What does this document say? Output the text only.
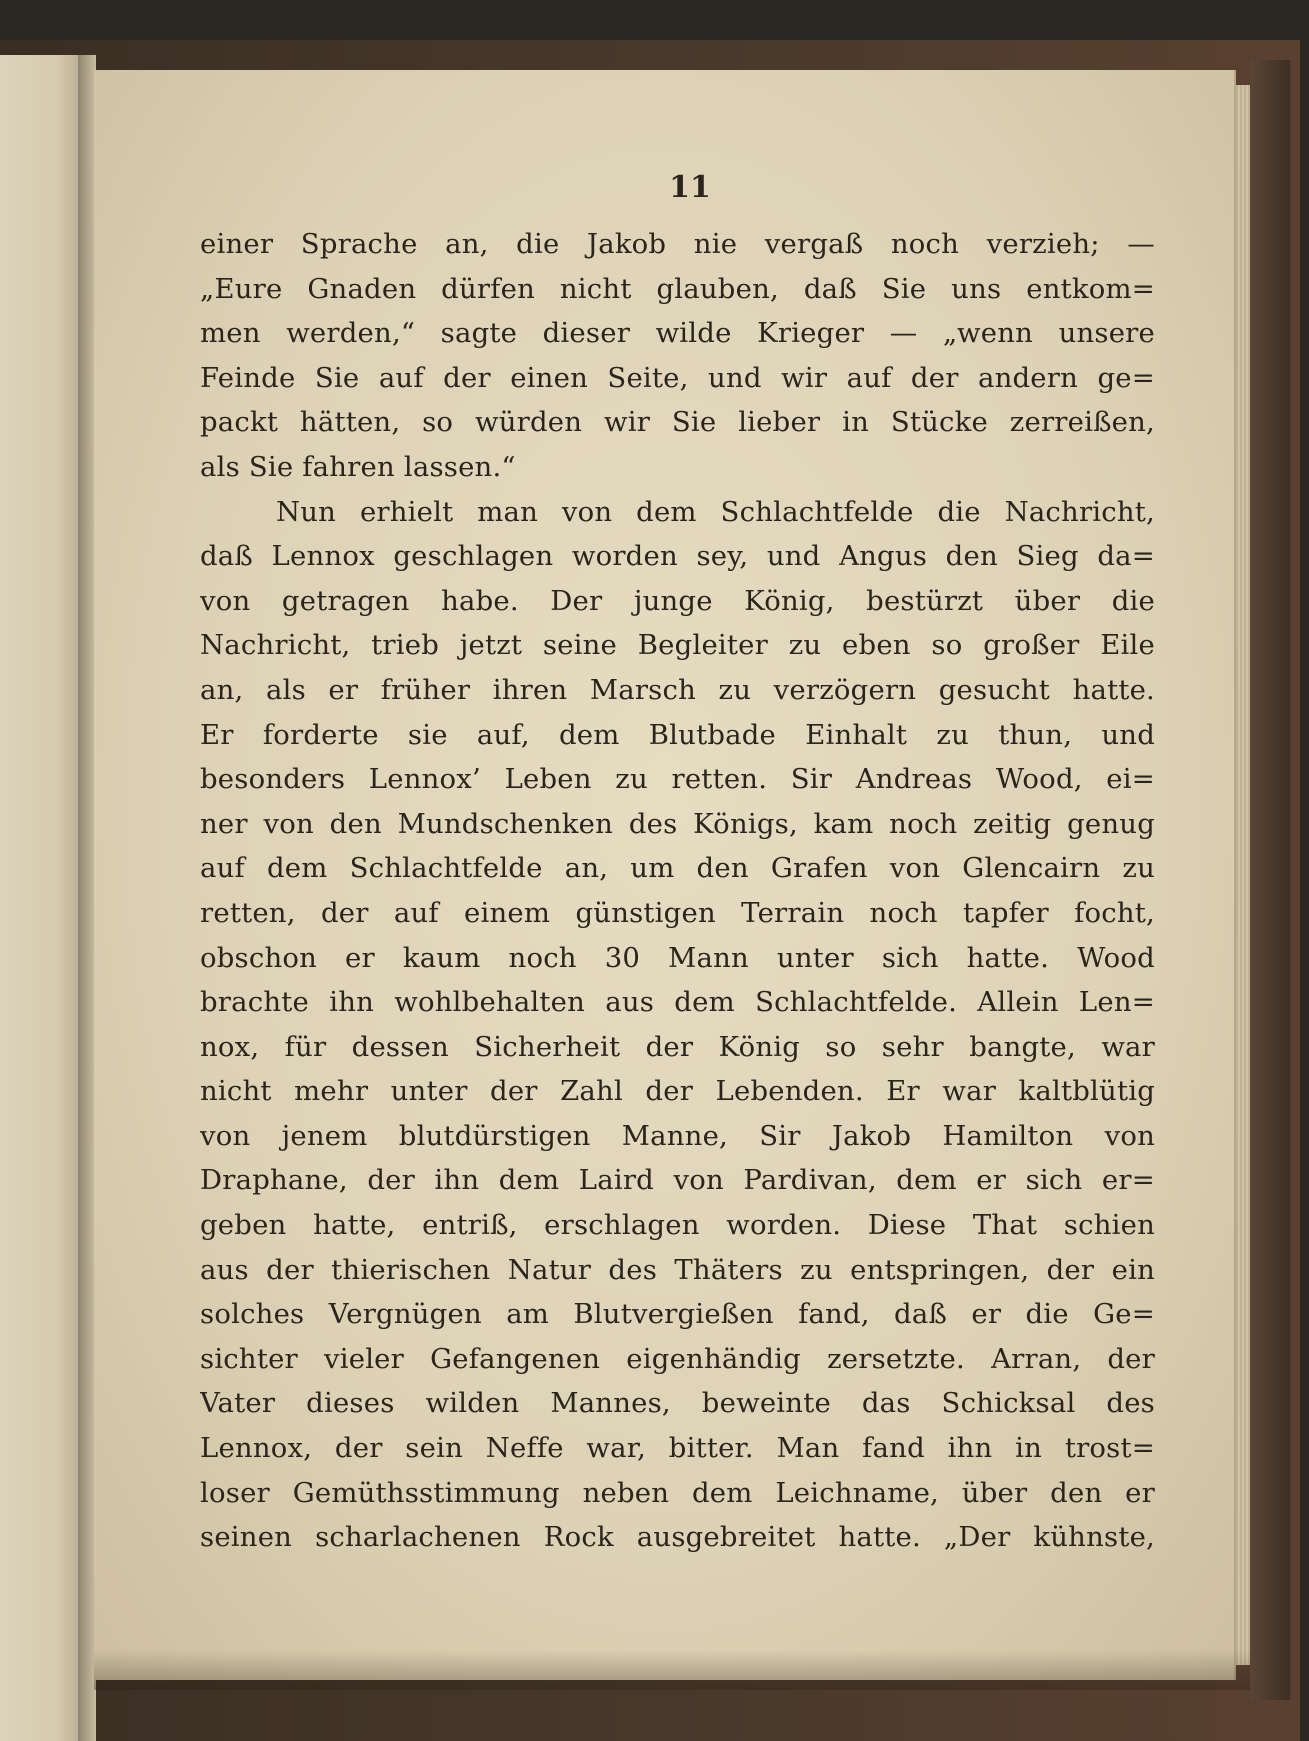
11
einer Sprache an, die Jakob nie vergaß noch verzieh; —
„Eure Gnaden dürfen nicht glauben, daß Sie uns entkom=
men werden,“ sagte dieser wilde Krieger — „wenn unsere
Feinde Sie auf der einen Seite, und wir auf der andern ge=
packt hätten, so würden wir Sie lieber in Stücke zerreißen,
als Sie fahren lassen.“
Nun erhielt man von dem Schlachtfelde die Nachricht,
daß Lennox geschlagen worden sey, und Angus den Sieg da=
von getragen habe. Der junge König, bestürzt über die
Nachricht, trieb jetzt seine Begleiter zu eben so großer Eile
an, als er früher ihren Marsch zu verzögern gesucht hatte.
Er forderte sie auf, dem Blutbade Einhalt zu thun, und
besonders Lennox’ Leben zu retten. Sir Andreas Wood, ei=
ner von den Mundschenken des Königs, kam noch zeitig genug
auf dem Schlachtfelde an, um den Grafen von Glencairn zu
retten, der auf einem günstigen Terrain noch tapfer focht,
obschon er kaum noch 30 Mann unter sich hatte. Wood
brachte ihn wohlbehalten aus dem Schlachtfelde. Allein Len=
nox, für dessen Sicherheit der König so sehr bangte, war
nicht mehr unter der Zahl der Lebenden. Er war kaltblütig
von jenem blutdürstigen Manne, Sir Jakob Hamilton von
Draphane, der ihn dem Laird von Pardivan, dem er sich er=
geben hatte, entriß, erschlagen worden. Diese That schien
aus der thierischen Natur des Thäters zu entspringen, der ein
solches Vergnügen am Blutvergießen fand, daß er die Ge=
sichter vieler Gefangenen eigenhändig zersetzte. Arran, der
Vater dieses wilden Mannes, beweinte das Schicksal des
Lennox, der sein Neffe war, bitter. Man fand ihn in trost=
loser Gemüthsstimmung neben dem Leichname, über den er
seinen scharlachenen Rock ausgebreitet hatte. „Der kühnste,
